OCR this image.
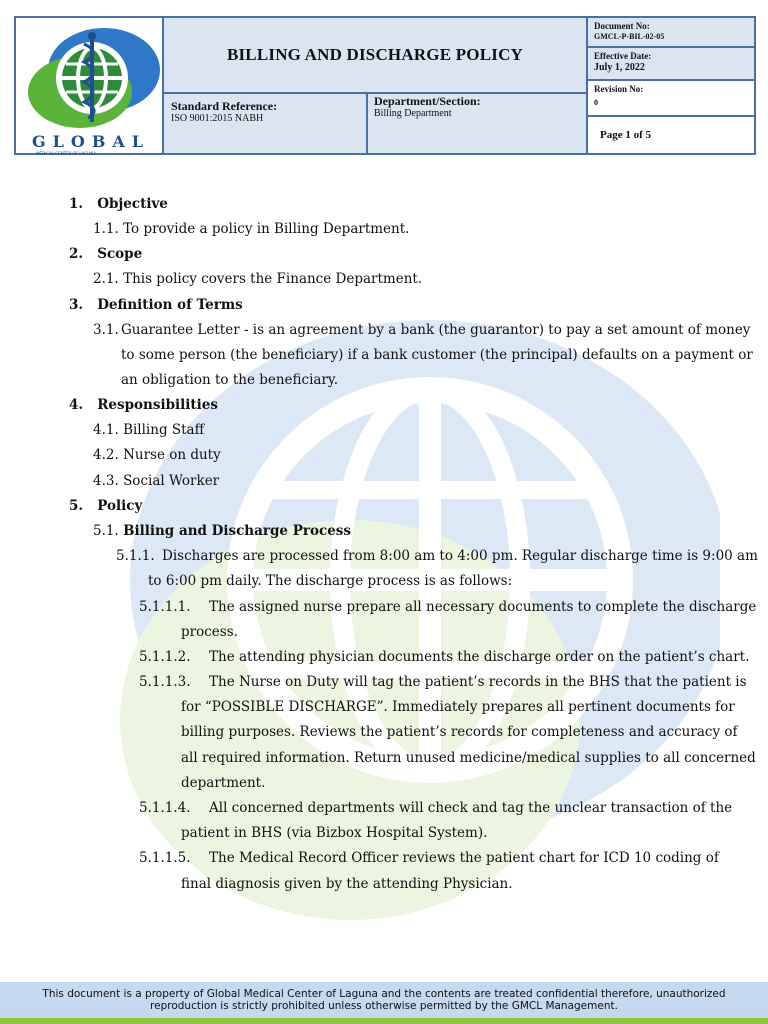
GLOBAL
MEDICAL CENTER OF LAGUNA
BILLING AND DISCHARGE POLICY
Standard Reference:
ISO 9001:2015 NABH
Department/Section:
Billing Department
Document No:
GMCL-P-BIL-02-05
Effective Date:
July 1, 2022
Revision No:
0
Page 1 of 5
1. Objective
1.1. To provide a policy in Billing Department.
2. Scope
2.1. This policy covers the Finance Department.
3. Definition of Terms
3.1. Guarantee Letter - is an agreement by a bank (the guarantor) to pay a set amount of money
to some person (the beneficiary) if a bank customer (the principal) defaults on a payment or
an obligation to the beneficiary.
4. Responsibilities
4.1. Billing Staff
4.2. Nurse on duty
4.3. Social Worker
5. Policy
5.1. Billing and Discharge Process
5.1.1. Discharges are processed from 8:00 am to 4:00 pm. Regular discharge time is 9:00 am
to 6:00 pm daily. The discharge process is as follows:
5.1.1.1. The assigned nurse prepare all necessary documents to complete the discharge
process.
5.1.1.2. The attending physician documents the discharge order on the patient’s chart.
5.1.1.3. The Nurse on Duty will tag the patient’s records in the BHS that the patient is
for “POSSIBLE DISCHARGE”. Immediately prepares all pertinent documents for
billing purposes. Reviews the patient’s records for completeness and accuracy of
all required information. Return unused medicine/medical supplies to all concerned
department.
5.1.1.4. All concerned departments will check and tag the unclear transaction of the
patient in BHS (via Bizbox Hospital System).
5.1.1.5. The Medical Record Officer reviews the patient chart for ICD 10 coding of
final diagnosis given by the attending Physician.
This document is a property of Global Medical Center of Laguna and the contents are treated confidential therefore, unauthorized
reproduction is strictly prohibited unless otherwise permitted by the GMCL Management.
